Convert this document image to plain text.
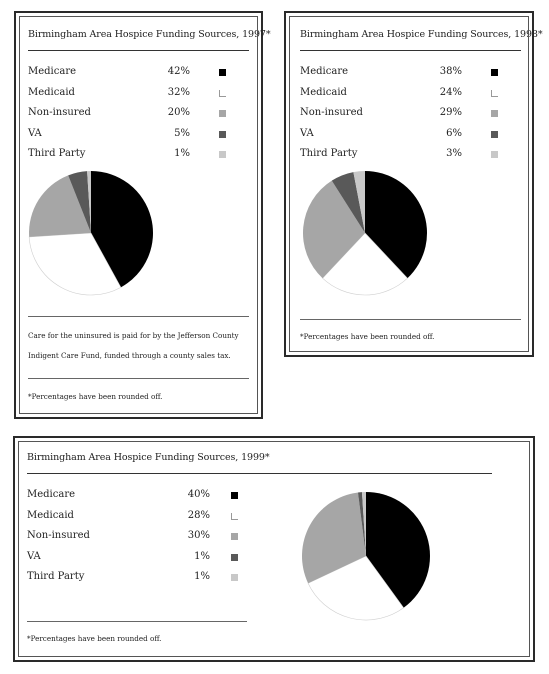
Birmingham Area Hospice Funding Sources, 1997*
Medicare	42%
Medicaid	32%
Non-insured	20%
VA	5%
Third Party	1%
Care for the uninsured is paid for by the Jefferson County
Indigent Care Fund, funded through a county sales tax.
*Percentages have been rounded off.
Birmingham Area Hospice Funding Sources, 1998*
Medicare	38%
Medicaid	24%
Non-insured	29%
VA	6%
Third Party	3%
*Percentages have been rounded off.
Birmingham Area Hospice Funding Sources, 1999*
Medicare	40%
Medicaid	28%
Non-insured	30%
VA	1%
Third Party	1%
*Percentages have been rounded off.
